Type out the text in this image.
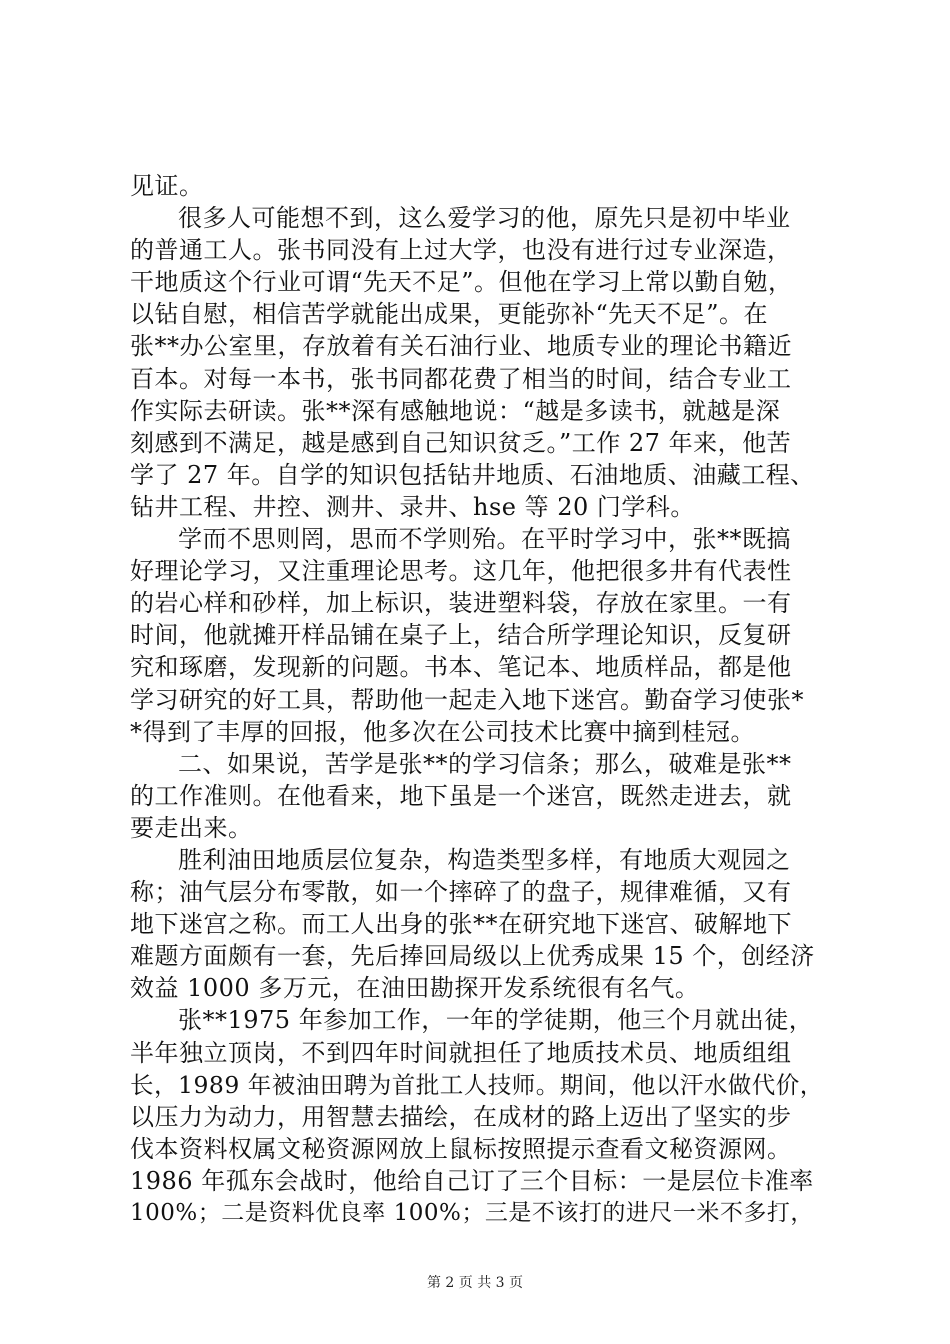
见证。
很多人可能想不到，这么爱学习的他，原先只是初中毕业
的普通工人。张书同没有上过大学，也没有进行过专业深造，
干地质这个行业可谓“先天不足”。但他在学习上常以勤自勉，
以钻自慰，相信苦学就能出成果，更能弥补“先天不足”。在
张**办公室里，存放着有关石油行业、地质专业的理论书籍近
百本。对每一本书，张书同都花费了相当的时间，结合专业工
作实际去研读。张**深有感触地说：“越是多读书，就越是深
刻感到不满足，越是感到自己知识贫乏。”工作 27 年来，他苦
学了 27 年。自学的知识包括钻井地质、石油地质、油藏工程、
钻井工程、井控、测井、录井、hse 等 20 门学科。
学而不思则罔，思而不学则殆。在平时学习中，张**既搞
好理论学习，又注重理论思考。这几年，他把很多井有代表性
的岩心样和砂样，加上标识，装进塑料袋，存放在家里。一有
时间，他就摊开样品铺在桌子上，结合所学理论知识，反复研
究和琢磨，发现新的问题。书本、笔记本、地质样品，都是他
学习研究的好工具，帮助他一起走入地下迷宫。勤奋学习使张*
*得到了丰厚的回报，他多次在公司技术比赛中摘到桂冠。
二、如果说，苦学是张**的学习信条；那么，破难是张**
的工作准则。在他看来，地下虽是一个迷宫，既然走进去，就
要走出来。
胜利油田地质层位复杂，构造类型多样，有地质大观园之
称；油气层分布零散，如一个摔碎了的盘子，规律难循，又有
地下迷宫之称。而工人出身的张**在研究地下迷宫、破解地下
难题方面颇有一套，先后捧回局级以上优秀成果 15 个，创经济
效益 1000 多万元，在油田勘探开发系统很有名气。
张**1975 年参加工作，一年的学徒期，他三个月就出徒，
半年独立顶岗，不到四年时间就担任了地质技术员、地质组组
长，1989 年被油田聘为首批工人技师。期间，他以汗水做代价，
以压力为动力，用智慧去描绘，在成材的路上迈出了坚实的步
伐本资料权属文秘资源网放上鼠标按照提示查看文秘资源网。
1986 年孤东会战时，他给自己订了三个目标：一是层位卡准率
100%；二是资料优良率 100%；三是不该打的进尺一米不多打，
第 2 页 共 3 页
